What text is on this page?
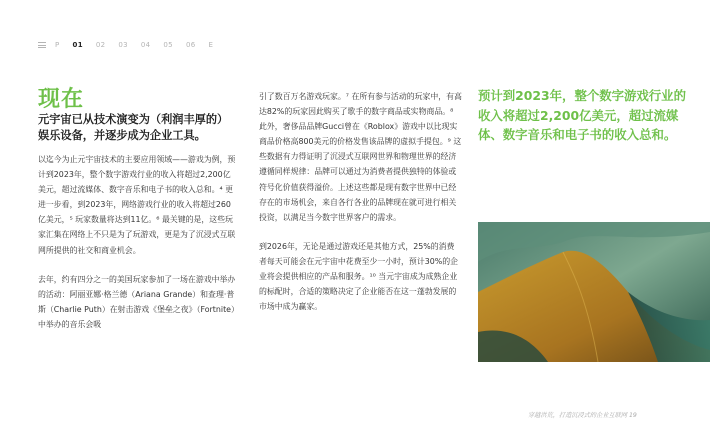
P 01 02 03 04 05 06 E
现在
元宇宙已从技术演变为（利润丰厚的）娱乐设备，并逐步成为企业工具。

以迄今为止元宇宙技术的主要应用领域——游戏为例，预计到2023年，整个数字游戏行业的收入将超过2,200亿美元，超过流媒体、数字音乐和电子书的收入总和。⁴ 更进一步看，到2023年，网络游戏行业的收入将超过260亿美元，⁵ 玩家数量将达到11亿。⁶ 最关键的是，这些玩家汇集在网络上不只是为了玩游戏，更是为了沉浸式互联网所提供的社交和商业机会。

去年，约有四分之一的美国玩家参加了一场在游戏中举办的活动：阿丽亚娜·格兰德（Ariana Grande）和查理·普斯（Charlie Puth）在射击游戏《堡垒之夜》（Fortnite）中举办的音乐会吸

引了数百万名游戏玩家。⁷ 在所有参与活动的玩家中，有高达82%的玩家因此购买了歌手的数字商品或实物商品。⁸ 此外，奢侈品品牌Gucci曾在《Roblox》游戏中以比现实商品价格高800美元的价格发售该品牌的虚拟手提包。⁹ 这些数据有力得证明了沉浸式互联网世界和物理世界的经济遵循同样规律：品牌可以通过为消费者提供独特的体验或符号化价值获得溢价。上述这些都是现有数字世界中已经存在的市场机会，来自各行各业的品牌现在就可进行相关投资，以满足当今数字世界客户的需求。

到2026年，无论是通过游戏还是其他方式，25%的消费者每天可能会在元宇宙中花费至少一小时，预计30%的企业将会提供相应的产品和服务。¹⁰ 当元宇宙成为成熟企业的标配时，合适的策略决定了企业能否在这一蓬勃发展的市场中成为赢家。

预计到2023年，整个数字游戏行业的收入将超过2,200亿美元，超过流媒体、数字音乐和电子书的收入总和。
穿越洪荒，打造沉浸式的企业互联网 19
